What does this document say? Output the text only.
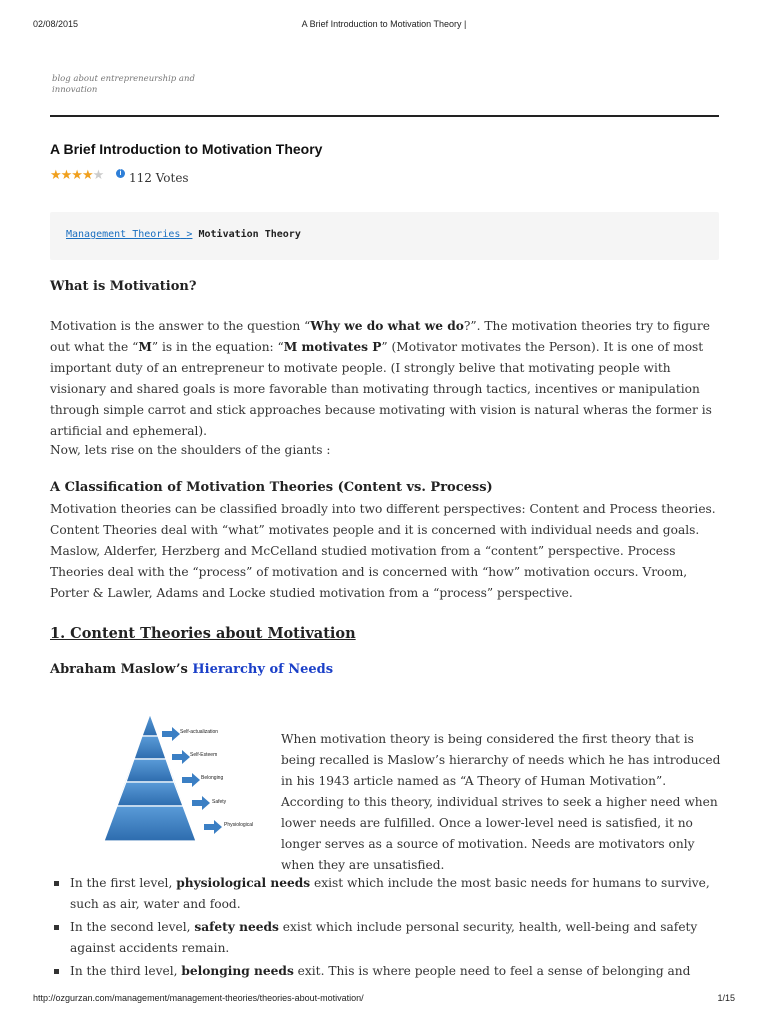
02/08/2015	A Brief Introduction to Motivation Theory |
blog about entrepreneurship and innovation
A Brief Introduction to Motivation Theory
★★★★★	i 112 Votes
Management Theories > Motivation Theory
What is Motivation?

Motivation is the answer to the question “Why we do what we do?”. The motivation theories try to figure out what the “M” is in the equation: “M motivates P” (Motivator motivates the Person). It is one of most important duty of an entrepreneur to motivate people. (I strongly belive that motivating people with visionary and shared goals is more favorable than motivating through tactics, incentives or manipulation through simple carrot and stick approaches because motivating with vision is natural wheras the former is artificial and ephemeral).

Now, lets rise on the shoulders of the giants :

A Classification of Motivation Theories (Content vs. Process)

Motivation theories can be classified broadly into two different perspectives: Content and Process theories. Content Theories deal with “what” motivates people and it is concerned with individual needs and goals. Maslow, Alderfer, Herzberg and McCelland studied motivation from a “content” perspective. Process Theories deal with the “process” of motivation and is concerned with “how” motivation occurs. Vroom, Porter & Lawler, Adams and Locke studied motivation from a “process” perspective.

1. Content Theories about Motivation
Abraham Maslow’s Hierarchy of Needs
Self-actualization
Self-Esteem
Belonging
Safety
Physiological

When motivation theory is being considered the first theory that is being recalled is Maslow’s hierarchy of needs which he has introduced in his 1943 article named as “A Theory of Human Motivation”. According to this theory, individual strives to seek a higher need when lower needs are fulfilled. Once a lower-level need is satisfied, it no longer serves as a source of motivation. Needs are motivators only when they are unsatisfied.

In the first level, physiological needs exist which include the most basic needs for humans to survive, such as air, water and food.
In the second level, safety needs exist which include personal security, health, well-being and safety against accidents remain.
In the third level, belonging needs exit. This is where people need to feel a sense of belonging and
http://ozgurzan.com/management/management-theories/theories-about-motivation/	1/15
